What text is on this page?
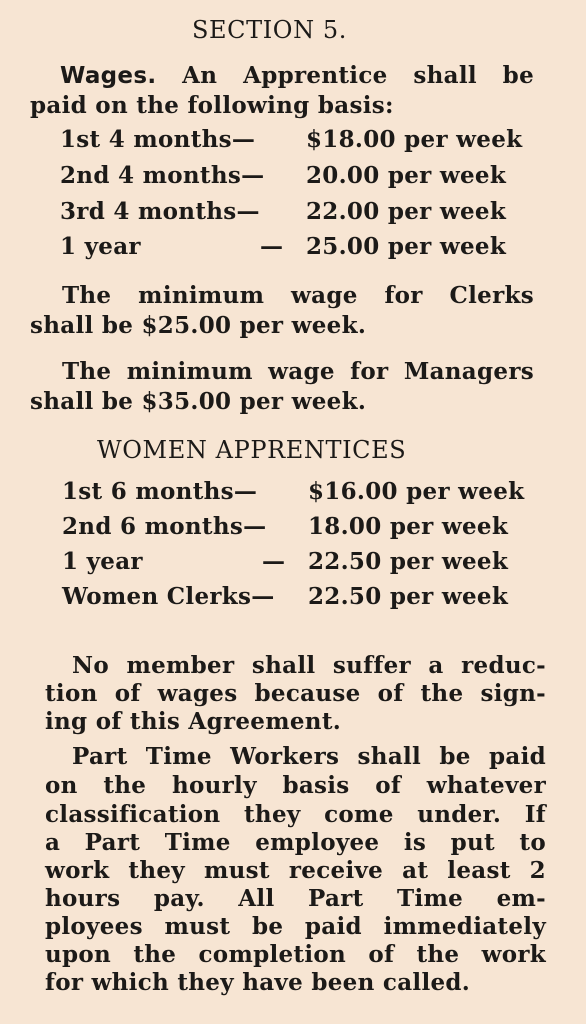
SECTION 5.
Wages. An Apprentice shall be
paid on the following basis:
1st 4 months— $18.00 per week
2nd 4 months— 20.00 per week
3rd 4 months— 22.00 per week
1 year	— 25.00 per week
The minimum wage for Clerks
shall be $25.00 per week.
The minimum wage for Managers
shall be $35.00 per week.
WOMEN APPRENTICES
1st 6 months— $16.00 per week
2nd 6 months— 18.00 per week
1 year	— 22.50 per week
Women Clerks— 22.50 per week
No member shall suffer a reduc-
tion of wages because of the sign-
ing of this Agreement.
Part Time Workers shall be paid
on the hourly basis of whatever
classification they come under. If
a Part Time employee is put to
work they must receive at least 2
hours pay. All Part Time em-
ployees must be paid immediately
upon the completion of the work
for which they have been called.
